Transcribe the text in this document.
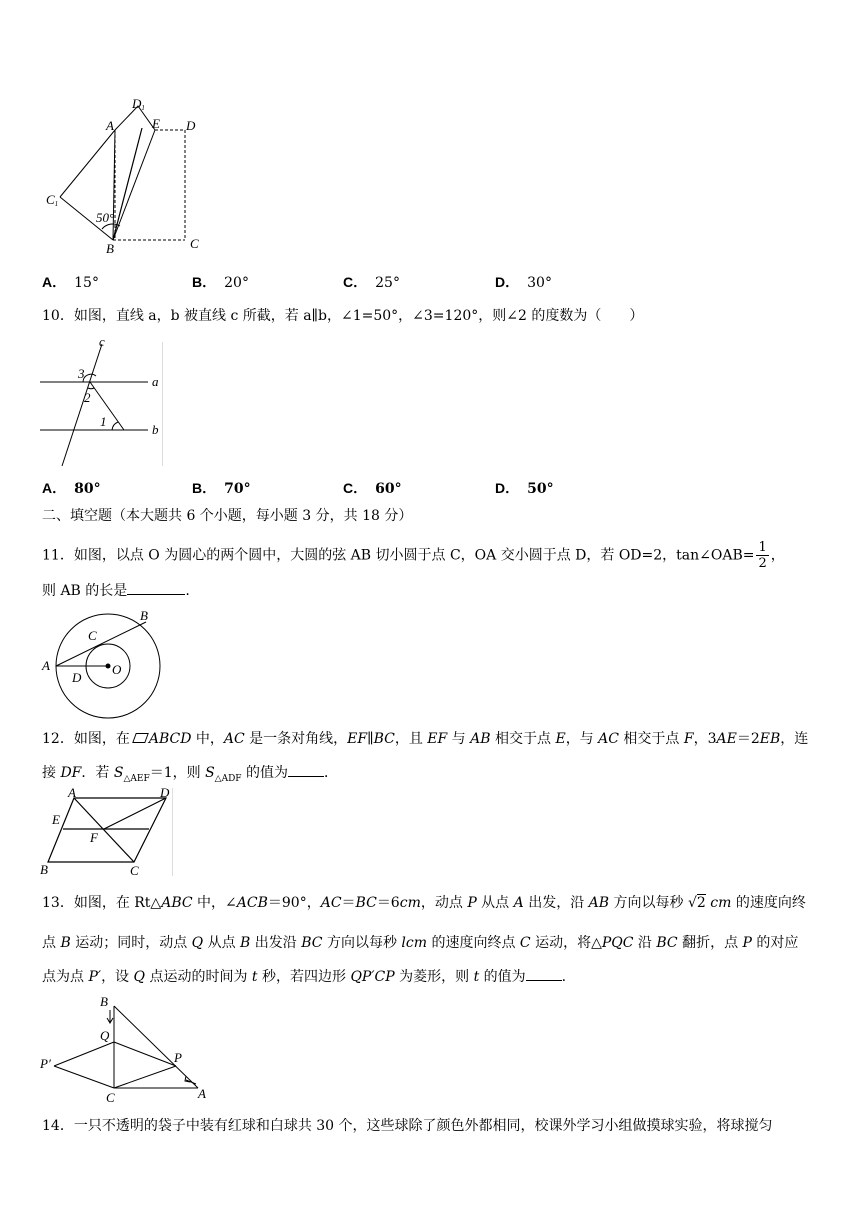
A
D1
E D
C1
50°
B	C
A． 15°	B． 20°	C． 25°	D． 30°
10．如图，直线 a，b 被直线 c 所截，若 a∥b，∠1=50°，∠3=120°，则∠2 的度数为（　　）
c
a
b
3
2
1
A． 80°	B． 70°	C． 60°	D． 50°
二、填空题（本大题共 6 个小题，每小题 3 分，共 18 分）
11．如图，以点 O 为圆心的两个圆中，大圆的弦 AB 切小圆于点 C，OA 交小圆于点 D，若 OD=2，tan∠OAB= $\frac{1}{2}$ ，
则 AB 的长是	.
A
B
C
D
O
12．如图，在 ABCD 中，AC 是一条对角线，EF∥BC，且 EF 与 AB 相交于点 E，与 AC 相交于点 F，3AE＝2EB，连
接 DF．若 $S_{\triangle AEF}=1$，则 $S_{\triangle ADF}$ 的值为	．
A	D
E
F
B	C
13．如图，在 Rt△ABC 中，∠ACB＝90°，AC＝BC＝6cm，动点 P 从点 A 出发，沿 AB 方向以每秒 √2 cm 的速度向终
点 B 运动；同时，动点 Q 从点 B 出发沿 BC 方向以每秒 lcm 的速度向终点 C 运动，将△PQC 沿 BC 翻折，点 P 的对应
点为点 P′，设 Q 点运动的时间为 t 秒，若四边形 QP′CP 为菱形，则 t 的值为	.
B
Q
P
P′
C	A
14．一只不透明的袋子中装有红球和白球共 30 个，这些球除了颜色外都相同，校课外学习小组做摸球实验，将球搅匀
